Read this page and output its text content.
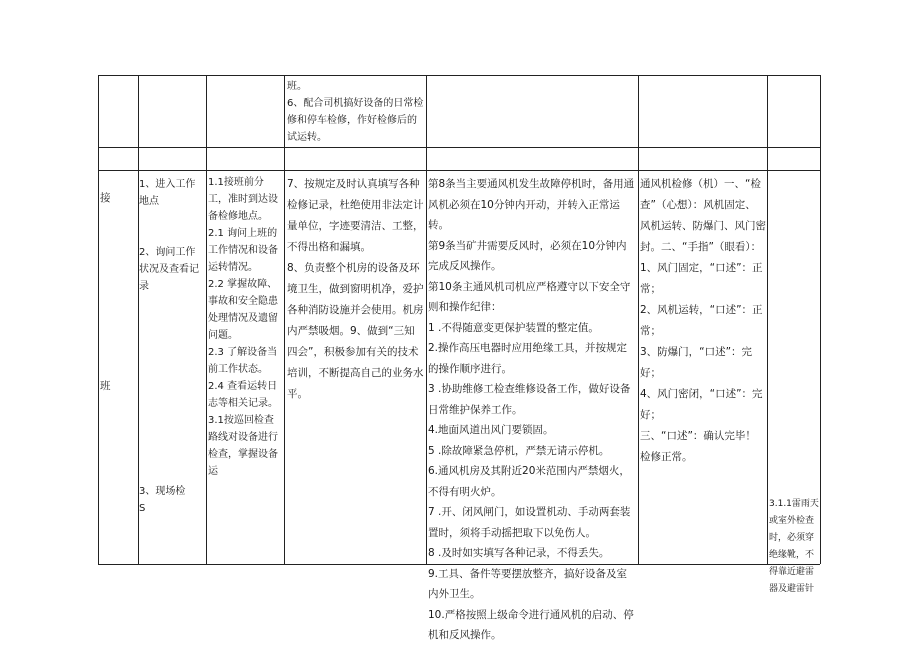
班。
6、配合司机搞好设备的日常检修和停车检修，作好检修后的试运转。
接
班
1、进入工作地点
2、询问工作状况及查看记录
3、现场检
S
1.1接班前分工，准时到达设备检修地点。
2.1 询问上班的工作情况和设备运转情况。
2.2 掌握故障、事故和安全隐患处理情况及遗留问题。
2.3 了解设备当前工作状态。
2.4 查看运转日志等相关记录。
3.1按巡回检查路线对设备进行检查，掌握设备运
7、按规定及时认真填写各种检修记录，杜绝使用非法定计量单位，字迹要清洁、工整，不得出格和漏填。
8、负责整个机房的设备及环境卫生，做到窗明机净，爱护各种消防设施并会使用。机房内严禁吸烟。9、做到“三知四会”，积极参加有关的技术培训，不断提高自己的业务水平。
第8条当主要通风机发生故障停机时，备用通风机必须在10分钟内开动，并转入正常运转。
第9条当矿井需要反风时，必须在10分钟内完成反风操作。
第10条主通风机司机应严格遵守以下安全守则和操作纪律：
1 .不得随意变更保护装置的整定值。
2.操作高压电器时应用绝缘工具，并按规定的操作顺序进行。
3 .协助维修工检查维修设备工作，做好设备日常维护保养工作。
4.地面风道出风门要锁固。
5 .除故障紧急停机，严禁无请示停机。
6.通风机房及其附近20米范围内严禁烟火，不得有明火炉。
7 .开、闭风闸门，如设置机动、手动两套装置时，须将手动摇把取下以免伤人。
8 .及时如实填写各种记录，不得丢失。
9.工具、备件等要摆放整齐，搞好设备及室内外卫生。
10.严格按照上级命令进行通风机的启动、停机和反风操作。
通风机检修（机）一、“检查”（心想）：风机固定、风机运转、防爆门、风门密封。二、“手指”（眼看）：1、风门固定，“口述”：正常；
2、风机运转，“口述”：正常；
3、防爆门，“口述”：完好；
4、风门密闭，“口述”：完好；
三、“口述”：确认完毕！检修正常。
3.1.1雷雨天或室外检查时，必须穿绝缘靴，不得靠近避雷器及避雷针
